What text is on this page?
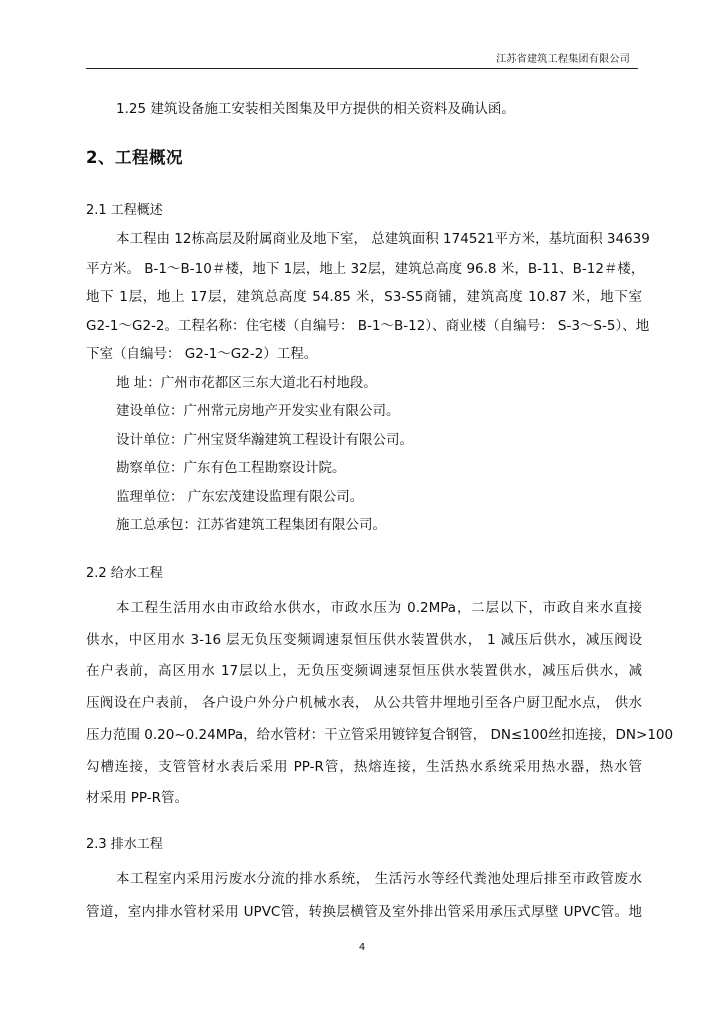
江苏省建筑工程集团有限公司
1.25 建筑设备施工安装相关图集及甲方提供的相关资料及确认函。
2、工程概况
2.1 工程概述
本工程由 12栋高层及附属商业及地下室， 总建筑面积 174521平方米，基坑面积 34639
平方米。 B-1～B-10＃楼，地下 1层，地上 32层，建筑总高度 96.8 米，B-11、B-12＃楼，
地下 1层，地上 17层，建筑总高度 54.85 米，S3-S5商铺，建筑高度 10.87 米，地下室
G2-1～G2-2。工程名称：住宅楼（自编号： B-1～B-12）、商业楼（自编号： S-3～S-5）、地
下室（自编号： G2-1～G2-2）工程。
地 址：广州市花都区三东大道北石村地段。
建设单位：广州常元房地产开发实业有限公司。
设计单位：广州宝贤华瀚建筑工程设计有限公司。
勘察单位：广东有色工程勘察设计院。
监理单位： 广东宏茂建设监理有限公司。
施工总承包：江苏省建筑工程集团有限公司。
2.2 给水工程
本工程生活用水由市政给水供水，市政水压为 0.2MPa，二层以下，市政自来水直接
供水，中区用水 3-16 层无负压变频调速泵恒压供水装置供水， 1 减压后供水，减压阀设
在户表前，高区用水 17层以上，无负压变频调速泵恒压供水装置供水，减压后供水，减
压阀设在户表前， 各户设户外分户机械水表， 从公共管井埋地引至各户厨卫配水点， 供水
压力范围 0.20~0.24MPa，给水管材：干立管采用镀锌复合钢管， DN≤100丝扣连接，DN>100
勾槽连接，支管管材水表后采用 PP-R管，热熔连接，生活热水系统采用热水器，热水管
材采用 PP-R管。
2.3 排水工程
本工程室内采用污废水分流的排水系统， 生活污水等经代粪池处理后排至市政管废水
管道，室内排水管材采用 UPVC管，转换层横管及室外排出管采用承压式厚壁 UPVC管。地
4
